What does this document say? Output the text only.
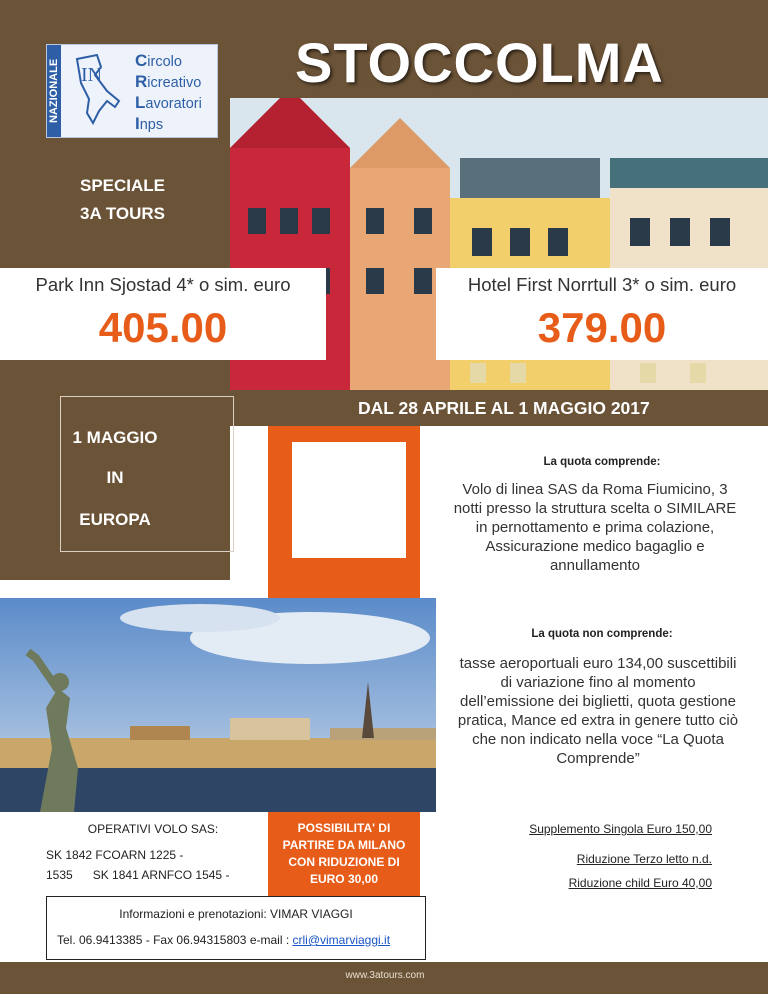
STOCCOLMA
NAZIONALE IN
Circolo
Ricreativo
Lavoratori
Inps
SPECIALE
3A TOURS
Park Inn Sjostad 4* o sim. euro
405.00
Hotel First Norrtull 3* o sim. euro
379.00
DAL 28 APRILE AL 1 MAGGIO 2017
1 MAGGIO
IN
EUROPA
La quota comprende:
Volo di linea SAS da Roma Fiumicino, 3 notti presso la struttura scelta o SIMILARE in pernottamento e prima colazione, Assicurazione medico bagaglio e annullamento
La quota non comprende:
tasse aeroportuali euro 134,00 suscettibili di variazione fino al momento dell’emissione dei biglietti, quota gestione pratica, Mance ed extra in genere tutto ciò che non indicato nella voce “La Quota Comprende”
OPERATIVI VOLO SAS:
SK 1842 FCOARN 1225 -
1535      SK 1841 ARNFCO 1545 -
POSSIBILITA' DI PARTIRE DA MILANO CON RIDUZIONE DI EURO 30,00
Supplemento Singola Euro 150,00
Riduzione Terzo letto n.d.
Riduzione child Euro 40,00
Informazioni e prenotazioni: VIMAR VIAGGI
Tel. 06.9413385 - Fax 06.94315803 e-mail : crli@vimarviaggi.it
www.3atours.com
